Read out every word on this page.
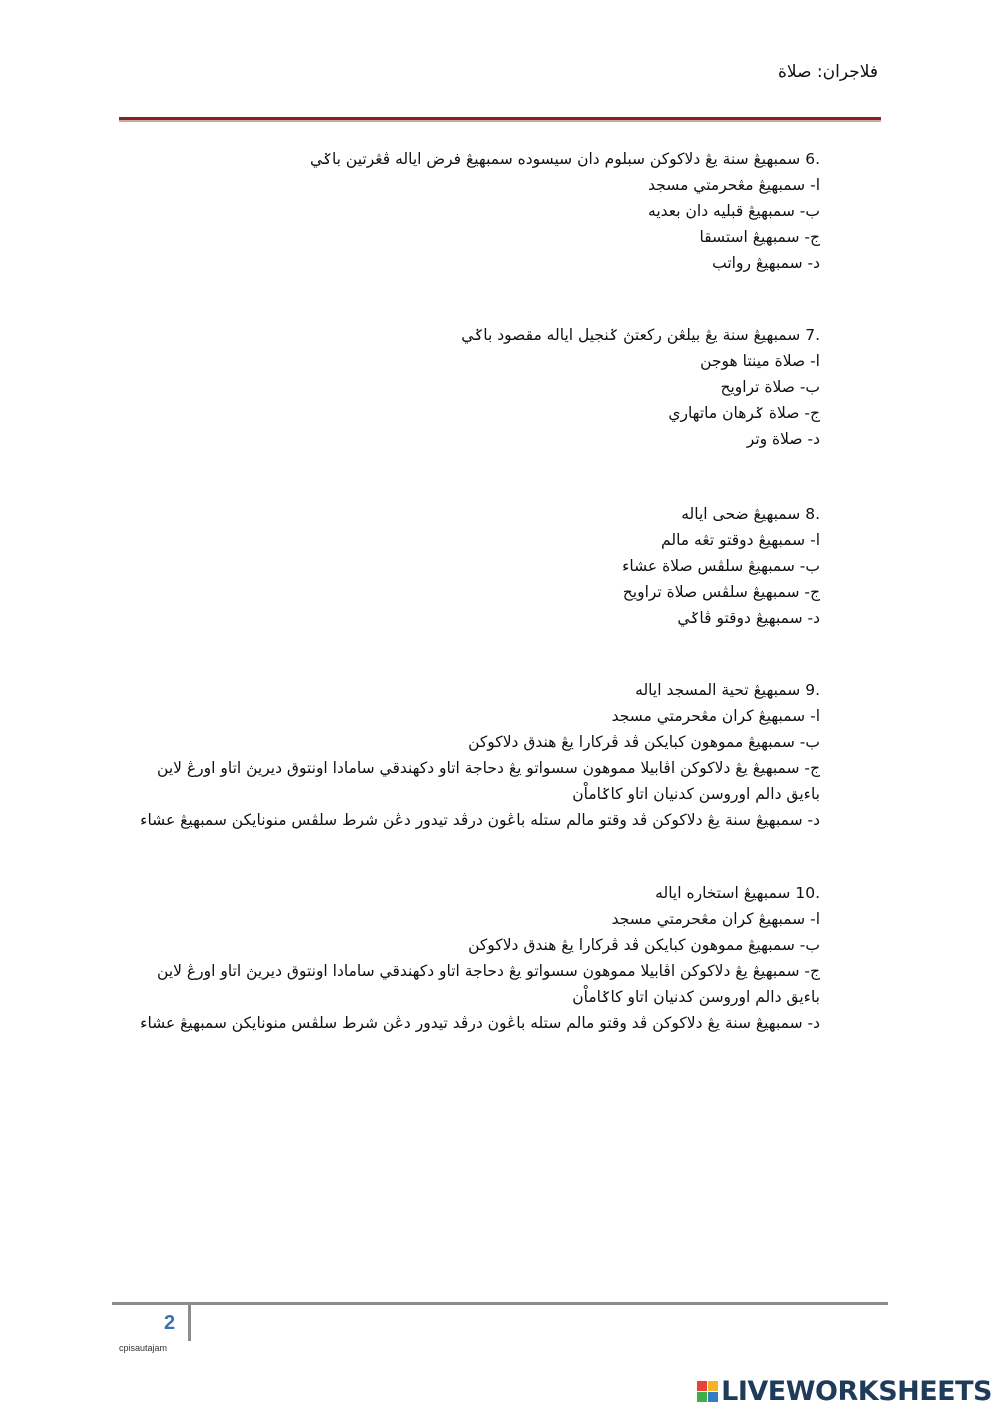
فلاجران: صلاة
.6 سمبهيڠ سنة يڠ دلاكوكن سبلوم دان سيسوده سمبهيڠ فرض اياله ڤڠرتين باݢي
ا- سمبهيڠ مڠحرمتي مسجد
ب- سمبهيڠ قبليه دان بعديه
ج- سمبهيڠ استسقا
د- سمبهيڠ رواتب
.7 سمبهيڠ سنة يڠ بيلڠن ركعتڽ ݢنجيل اياله مقصود باݢي
ا- صلاة مينتا هوجن
ب- صلاة تراويح
ج- صلاة ݢرهان ماتهاري
د- صلاة وتر
.8 سمبهيڠ ضحى اياله
ا- سمبهيڠ دوقتو تڠه مالم
ب- سمبهيڠ سلڤس صلاة عشاء
ج- سمبهيڠ سلڤس صلاة تراويح
د- سمبهيڠ دوقتو ڤاݢي
.9 سمبهيڠ تحية المسجد اياله
ا- سمبهيڠ كران مڠحرمتي مسجد
ب- سمبهيڠ مموهون كبايكن ڤد ڤركارا يڠ هندق دلاكوكن
ج- سمبهيڠ يڠ دلاكوكن اڤابيلا مموهون سسواتو يڠ دحاجة اتاو دكهندقي سامادا اونتوق ديريڽ اتاو اورڠ لاين باءيق دالم اوروسن كدنيان اتاو كاݢاماْن
د- سمبهيڠ سنة يڠ دلاكوكن ڤد وقتو مالم ستله باڠون درڤد تيدور دڠن شرط سلڤس منونايكن سمبهيڠ عشاء
.10 سمبهيڠ استخاره اياله
ا- سمبهيڠ كران مڠحرمتي مسجد
ب- سمبهيڠ مموهون كبايكن ڤد ڤركارا يڠ هندق دلاكوكن
ج- سمبهيڠ يڠ دلاكوكن اڤابيلا مموهون سسواتو يڠ دحاجة اتاو دكهندقي سامادا اونتوق ديريڽ اتاو اورڠ لاين باءيق دالم اوروسن كدنيان اتاو كاݢاماْن
د- سمبهيڠ سنة يڠ دلاكوكن ڤد وقتو مالم ستله باڠون درڤد تيدور دڠن شرط سلڤس منونايكن سمبهيڠ عشاء
2
cpisautajam
LIVEWORKSHEETS
